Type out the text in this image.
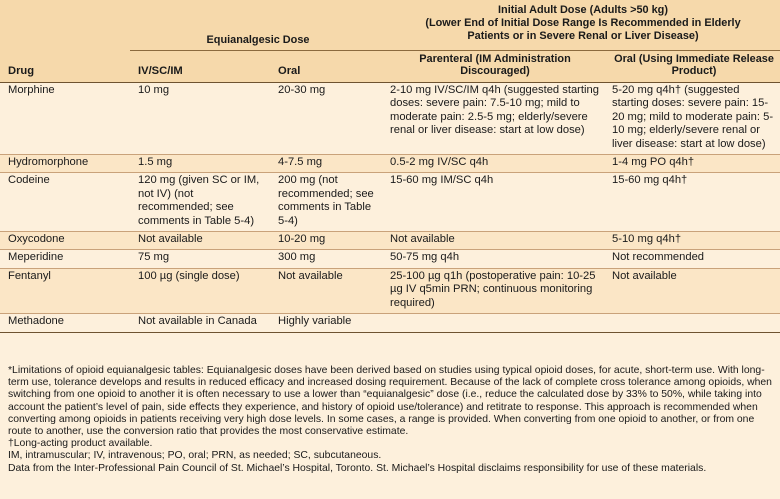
	Equianalgesic Dose		Initial Adult Dose (Adults >50 kg)
(Lower End of Initial Dose Range Is Recommended in Elderly
Patients or in Severe Renal or Liver Disease)	

Drug	IV/SC/IM	Oral	Parenteral (IM Administration Discouraged)	Oral (Using Immediate Release Product)
Morphine	10 mg	20-30 mg	2-10 mg IV/SC/IM q4h (suggested starting doses: severe pain: 7.5-10 mg; mild to moderate pain: 2.5-5 mg; elderly/severe renal or liver disease: start at low dose)	5-20 mg q4h† (suggested starting doses: severe pain: 15-20 mg; mild to moderate pain: 5-10 mg; elderly/severe renal or liver disease: start at low dose)
Hydromorphone	1.5 mg	4-7.5 mg	0.5-2 mg IV/SC q4h	1-4 mg PO q4h†
Codeine	120 mg (given SC or IM, not IV) (not recommended; see comments in Table 5-4)	200 mg (not recommended; see comments in Table 5-4)	15-60 mg IM/SC q4h	15-60 mg q4h†
Oxycodone	Not available	10-20 mg	Not available	5-10 mg q4h†
Meperidine	75 mg	300 mg	50-75 mg q4h	Not recommended
Fentanyl	100 µg (single dose)	Not available	25-100 µg q1h (postoperative pain: 10-25 µg IV q5min PRN; continuous monitoring required)	Not available
Methadone	Not available in Canada	Highly variable		

*Limitations of opioid equianalgesic tables: Equianalgesic doses have been derived based on studies using typical opioid doses, for acute, short-term use. With long-term use, tolerance develops and results in reduced efficacy and increased dosing requirement. Because of the lack of complete cross tolerance among opioids, when switching from one opioid to another it is often necessary to use a lower than “equianalgesic” dose (i.e., reduce the calculated dose by 33% to 50%, while taking into account the patient’s level of pain, side effects they experience, and history of opioid use/tolerance) and retitrate to response. This approach is recommended when converting among opioids in patients receiving very high dose levels. In some cases, a range is provided. When converting from one opioid to another, or from one route to another, use the conversion ratio that provides the most conservative estimate.

†Long-acting product available.

IM, intramuscular; IV, intravenous; PO, oral; PRN, as needed; SC, subcutaneous.

Data from the Inter-Professional Pain Council of St. Michael’s Hospital, Toronto. St. Michael’s Hospital disclaims responsibility for use of these materials.
